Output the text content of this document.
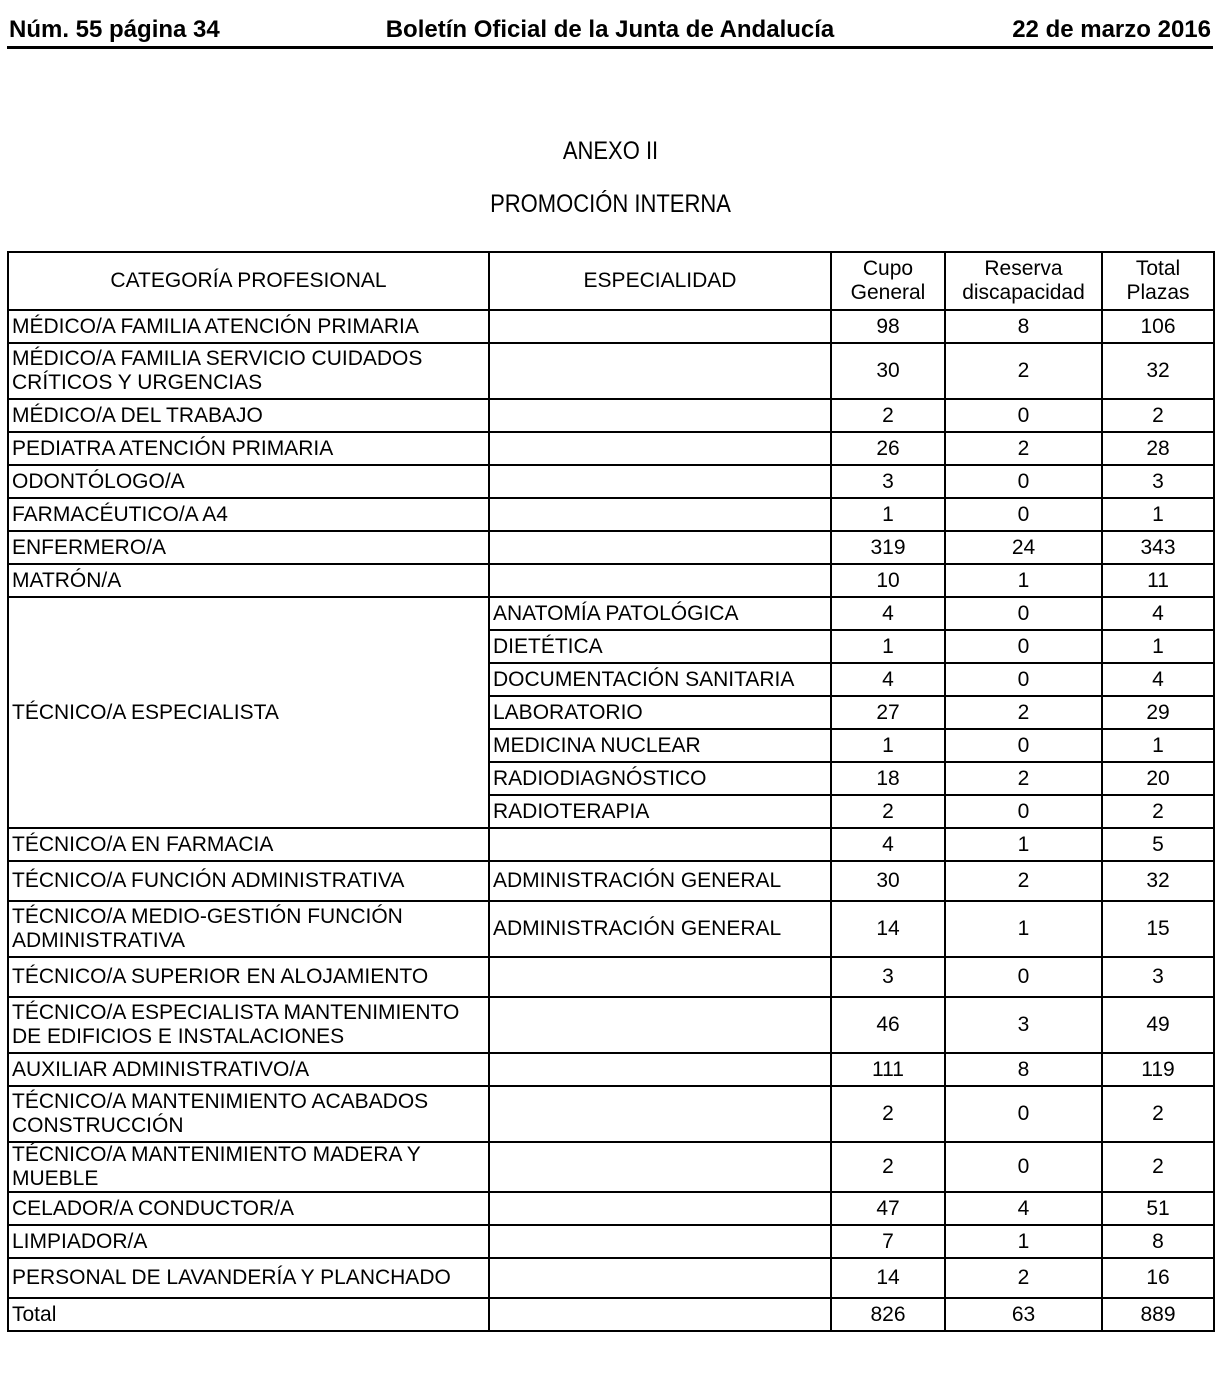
Núm. 55 página 34	Boletín Oficial de la Junta de Andalucía	22 de marzo 2016
ANEXO II
PROMOCIÓN INTERNA
CATEGORÍA PROFESIONAL	ESPECIALIDAD	Cupo General	Reserva discapacidad	Total Plazas
MÉDICO/A FAMILIA ATENCIÓN PRIMARIA		98	8	106
MÉDICO/A FAMILIA SERVICIO CUIDADOS CRÍTICOS Y URGENCIAS		30	2	32
MÉDICO/A DEL TRABAJO		2	0	2
PEDIATRA ATENCIÓN PRIMARIA		26	2	28
ODONTÓLOGO/A		3	0	3
FARMACÉUTICO/A A4		1	0	1
ENFERMERO/A		319	24	343
MATRÓN/A		10	1	11
TÉCNICO/A ESPECIALISTA	ANATOMÍA PATOLÓGICA	4	0	4
	DIETÉTICA	1	0	1
	DOCUMENTACIÓN SANITARIA	4	0	4
	LABORATORIO	27	2	29
	MEDICINA NUCLEAR	1	0	1
	RADIODIAGNÓSTICO	18	2	20
	RADIOTERAPIA	2	0	2
TÉCNICO/A EN FARMACIA		4	1	5
TÉCNICO/A FUNCIÓN ADMINISTRATIVA	ADMINISTRACIÓN GENERAL	30	2	32
TÉCNICO/A MEDIO-GESTIÓN FUNCIÓN ADMINISTRATIVA	ADMINISTRACIÓN GENERAL	14	1	15
TÉCNICO/A SUPERIOR EN ALOJAMIENTO		3	0	3
TÉCNICO/A ESPECIALISTA MANTENIMIENTO DE EDIFICIOS E INSTALACIONES		46	3	49
AUXILIAR ADMINISTRATIVO/A		111	8	119
TÉCNICO/A MANTENIMIENTO ACABADOS CONSTRUCCIÓN		2	0	2
TÉCNICO/A MANTENIMIENTO MADERA Y MUEBLE		2	0	2
CELADOR/A CONDUCTOR/A		47	4	51
LIMPIADOR/A		7	1	8
PERSONAL DE LAVANDERÍA Y PLANCHADO		14	2	16
Total		826	63	889
